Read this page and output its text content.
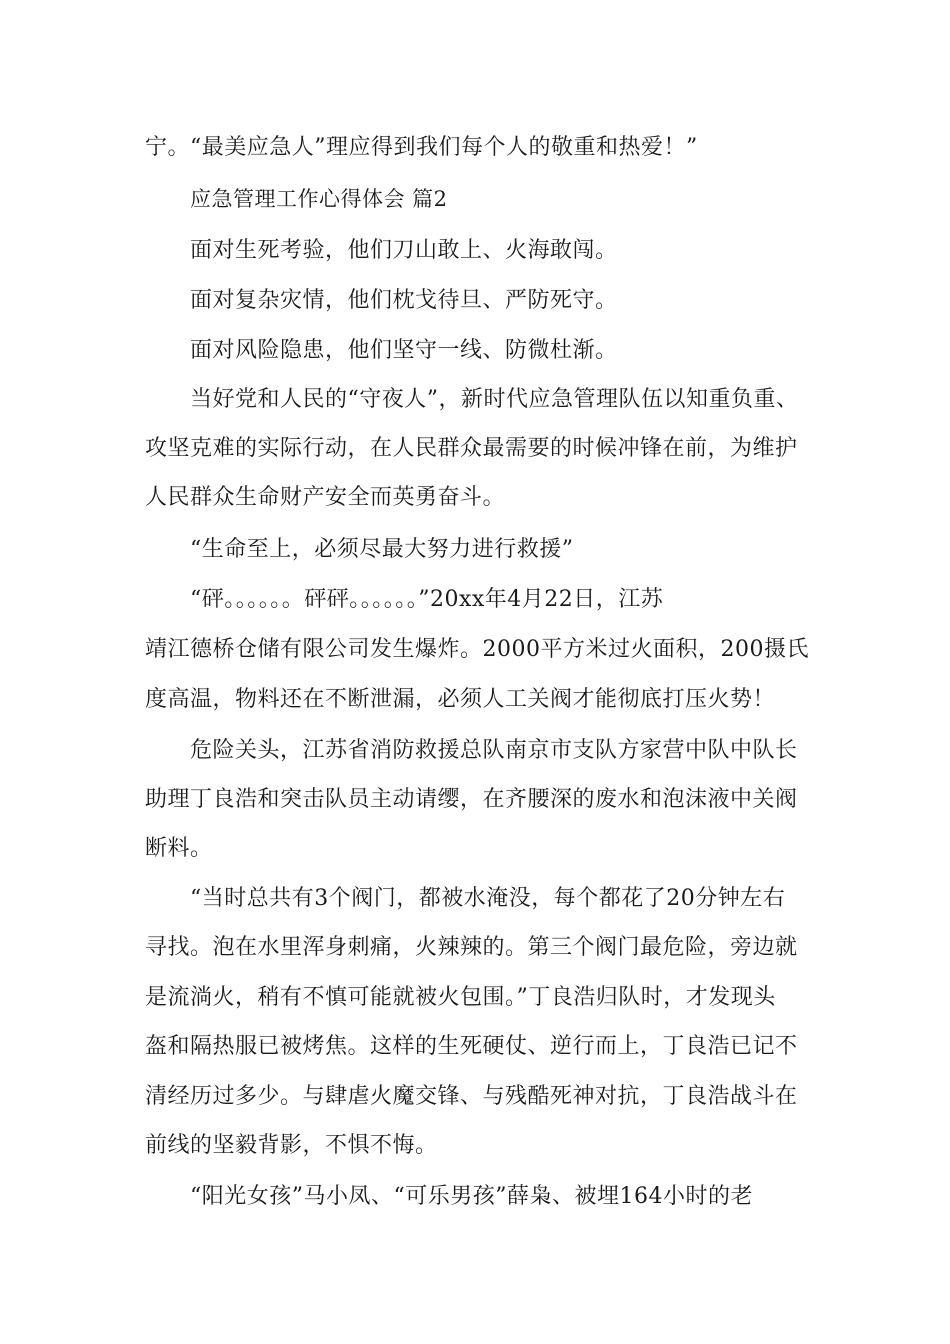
宁。“最美应急人”理应得到我们每个人的敬重和热爱！”
应急管理工作心得体会 篇2
面对生死考验，他们刀山敢上、火海敢闯。
面对复杂灾情，他们枕戈待旦、严防死守。
面对风险隐患，他们坚守一线、防微杜渐。
当好党和人民的“守夜人”，新时代应急管理队伍以知重负重、
攻坚克难的实际行动，在人民群众最需要的时候冲锋在前，为维护
人民群众生命财产安全而英勇奋斗。
“生命至上，必须尽最大努力进行救援”
“砰。。。。。。砰砰。。。。。。”20xx年4月22日，江苏
靖江德桥仓储有限公司发生爆炸。2000平方米过火面积，200摄氏
度高温，物料还在不断泄漏，必须人工关阀才能彻底打压火势！
危险关头，江苏省消防救援总队南京市支队方家营中队中队长
助理丁良浩和突击队员主动请缨，在齐腰深的废水和泡沫液中关阀
断料。
“当时总共有3个阀门，都被水淹没，每个都花了20分钟左右
寻找。泡在水里浑身刺痛，火辣辣的。第三个阀门最危险，旁边就
是流淌火，稍有不慎可能就被火包围。”丁良浩归队时，才发现头
盔和隔热服已被烤焦。这样的生死硬仗、逆行而上，丁良浩已记不
清经历过多少。与肆虐火魔交锋、与残酷死神对抗，丁良浩战斗在
前线的坚毅背影，不惧不悔。
“阳光女孩”马小凤、“可乐男孩”薛枭、被埋164小时的老
